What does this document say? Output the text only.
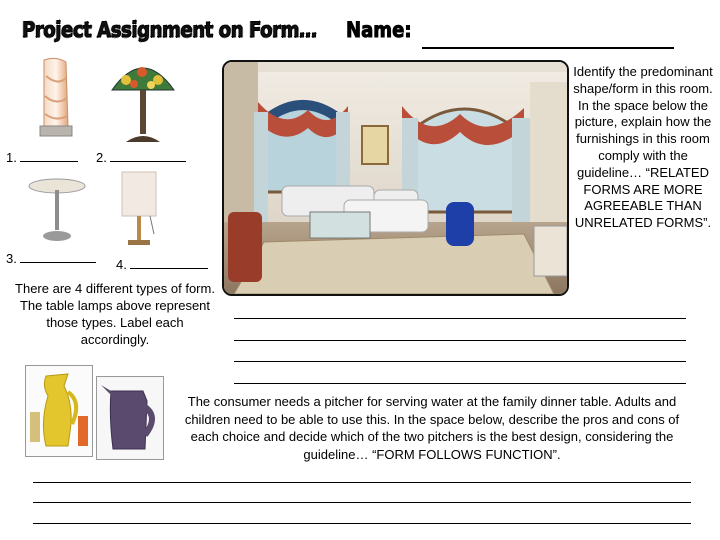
Project Assignment on Form… Name:
1.	2.
3.	4.
There are 4 different types of form. The table lamps above represent those types. Label each accordingly.
Identify the predominant shape/form in this room. In the space below the picture, explain how the furnishings in this room comply with the guideline… “RELATED FORMS ARE MORE AGREEABLE THAN UNRELATED FORMS”.
The consumer needs a pitcher for serving water at the family dinner table. Adults and children need to be able to use this. In the space below, describe the pros and cons of each choice and decide which of the two pitchers is the best design, considering the guideline… “FORM FOLLOWS FUNCTION”.
